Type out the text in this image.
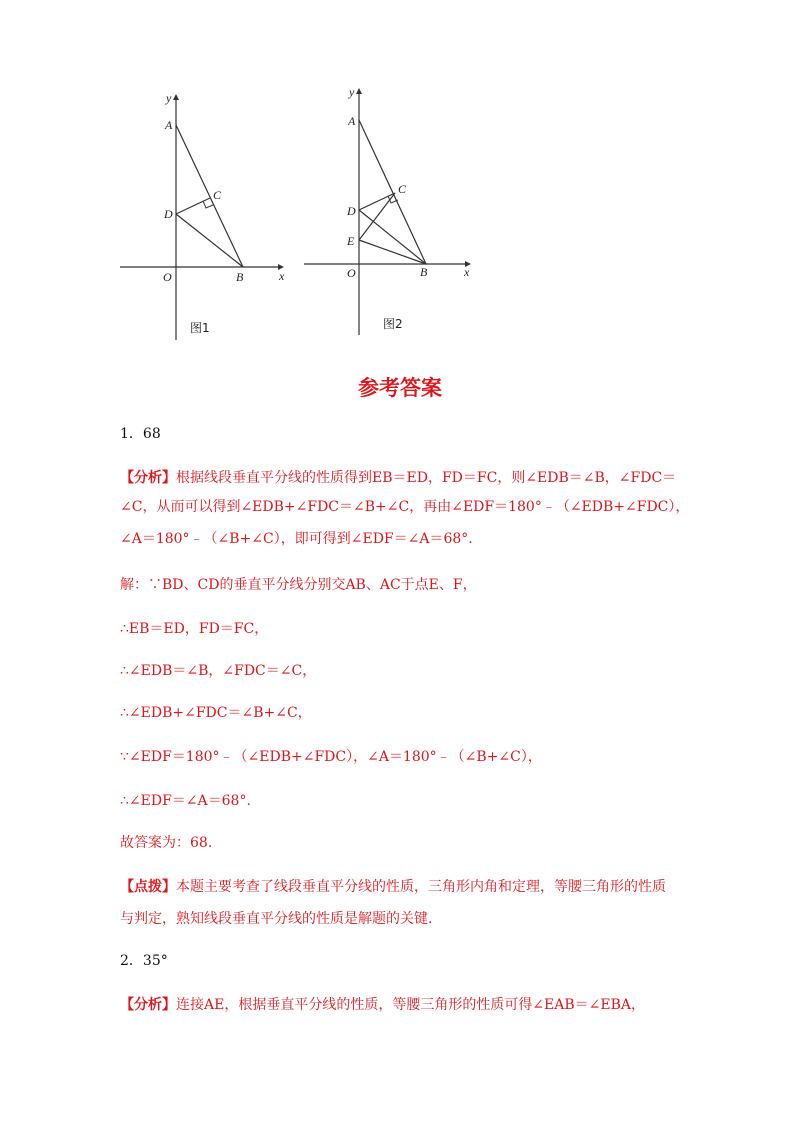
y
x
A
C
D
O	B
图1
y
x
A
C
D
E
O	B
图2
参考答案
1．68
【分析】根据线段垂直平分线的性质得到EB＝ED，FD＝FC，则∠EDB＝∠B，∠FDC＝
∠C，从而可以得到∠EDB+∠FDC＝∠B+∠C，再由∠EDF＝180°﹣（∠EDB+∠FDC），
∠A＝180°﹣（∠B+∠C），即可得到∠EDF＝∠A＝68°.
解：∵BD、CD的垂直平分线分别交AB、AC于点E、F，
∴EB＝ED，FD＝FC，
∴∠EDB＝∠B，∠FDC＝∠C，
∴∠EDB+∠FDC＝∠B+∠C，
∵∠EDF＝180°﹣（∠EDB+∠FDC），∠A＝180°﹣（∠B+∠C），
∴∠EDF＝∠A＝68°.
故答案为：68.
【点拨】本题主要考查了线段垂直平分线的性质，三角形内角和定理，等腰三角形的性质
与判定，熟知线段垂直平分线的性质是解题的关键.
2．35°
【分析】连接AE，根据垂直平分线的性质，等腰三角形的性质可得∠EAB＝∠EBA，
